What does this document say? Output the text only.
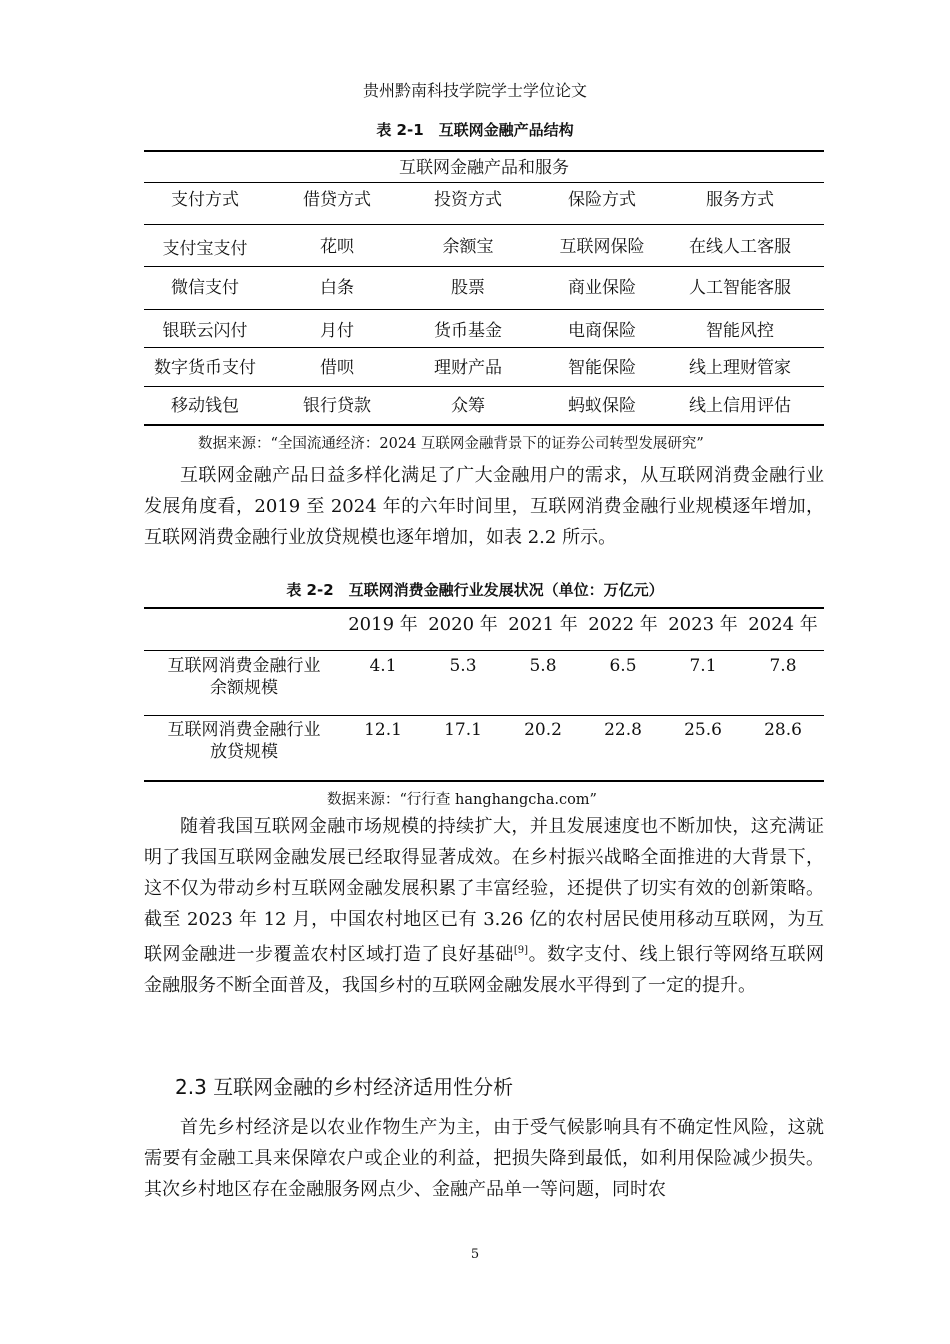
贵州黔南科技学院学士学位论文
表 2-1　互联网金融产品结构
互联网金融产品和服务
支付方式	借贷方式	投资方式	保险方式	服务方式
支付宝支付	花呗	余额宝	互联网保险	在线人工客服
微信支付	白条	股票	商业保险	人工智能客服
银联云闪付	月付	货币基金	电商保险	智能风控
数字货币支付	借呗	理财产品	智能保险	线上理财管家
移动钱包	银行贷款	众筹	蚂蚁保险	线上信用评估
数据来源：“全国流通经济：2024 互联网金融背景下的证券公司转型发展研究”

互联网金融产品日益多样化满足了广大金融用户的需求，从互联网消费金融行业发展角度看，2019 至 2024 年的六年时间里，互联网消费金融行业规模逐年增加，互联网消费金融行业放贷规模也逐年增加，如表 2.2 所示。

表 2-2　互联网消费金融行业发展状况（单位：万亿元）
2019 年 2020 年 2021 年 2022 年 2023 年 2024 年
互联网消费金融行业
余额规模
4.1	5.3	5.8	6.5	7.1	7.8
互联网消费金融行业
放贷规模
12.1	17.1	20.2	22.8	25.6	28.6
数据来源：“行行查 hanghangcha.com”

随着我国互联网金融市场规模的持续扩大，并且发展速度也不断加快，这充满证明了我国互联网金融发展已经取得显著成效。在乡村振兴战略全面推进的大背景下，这不仅为带动乡村互联网金融发展积累了丰富经验，还提供了切实有效的创新策略。截至 2023 年 12 月，中国农村地区已有 3.26 亿的农村居民使用移动互联网，为互联网金融进一步覆盖农村区域打造了良好基础[9]。数字支付、线上银行等网络互联网金融服务不断全面普及，我国乡村的互联网金融发展水平得到了一定的提升。

2.3 互联网金融的乡村经济适用性分析

首先乡村经济是以农业作物生产为主，由于受气候影响具有不确定性风险，这就需要有金融工具来保障农户或企业的利益，把损失降到最低，如利用保险减少损失。其次乡村地区存在金融服务网点少、金融产品单一等问题，同时农

5
